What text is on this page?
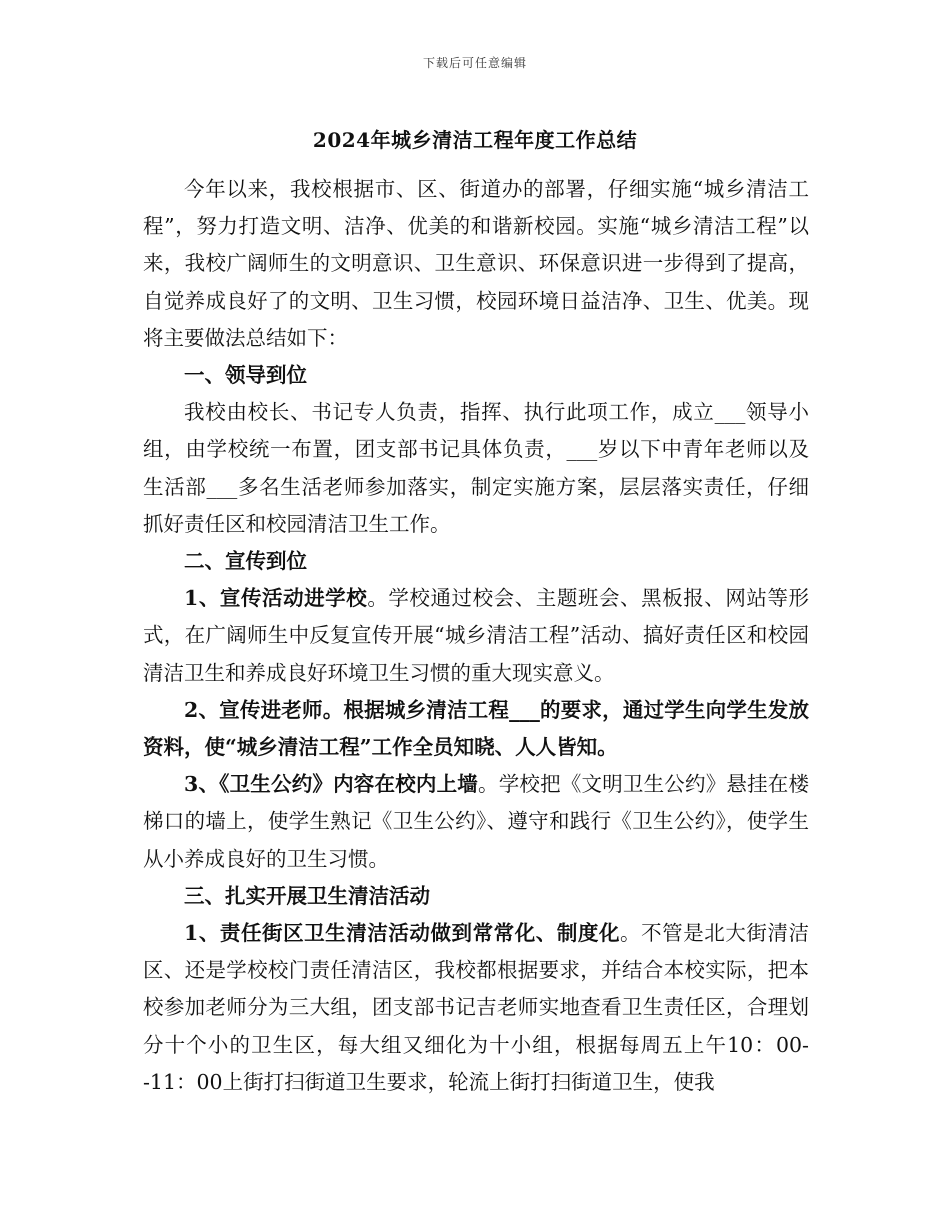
下载后可任意编辑
2024年城乡清洁工程年度工作总结

今年以来，我校根据市、区、街道办的部署，仔细实施“城乡清洁工程”，努力打造文明、洁净、优美的和谐新校园。实施“城乡清洁工程”以来，我校广阔师生的文明意识、卫生意识、环保意识进一步得到了提高，自觉养成良好了的文明、卫生习惯，校园环境日益洁净、卫生、优美。现将主要做法总结如下：

一、领导到位

我校由校长、书记专人负责，指挥、执行此项工作，成立___领导小组，由学校统一布置，团支部书记具体负责，___岁以下中青年老师以及生活部___多名生活老师参加落实，制定实施方案，层层落实责任，仔细抓好责任区和校园清洁卫生工作。

二、宣传到位

1、宣传活动进学校。学校通过校会、主题班会、黑板报、网站等形式，在广阔师生中反复宣传开展“城乡清洁工程”活动、搞好责任区和校园清洁卫生和养成良好环境卫生习惯的重大现实意义。

2、宣传进老师。根据城乡清洁工程___的要求，通过学生向学生发放资料，使“城乡清洁工程”工作全员知晓、人人皆知。

3、《卫生公约》内容在校内上墙。学校把《文明卫生公约》悬挂在楼梯口的墙上，使学生熟记《卫生公约》、遵守和践行《卫生公约》，使学生从小养成良好的卫生习惯。

三、扎实开展卫生清洁活动

1、责任街区卫生清洁活动做到常常化、制度化。不管是北大街清洁区、还是学校校门责任清洁区，我校都根据要求，并结合本校实际，把本校参加老师分为三大组，团支部书记吉老师实地查看卫生责任区，合理划分十个小的卫生区，每大组又细化为十小组，根据每周五上午10：00--11：00上街打扫街道卫生要求，轮流上街打扫街道卫生，使我
